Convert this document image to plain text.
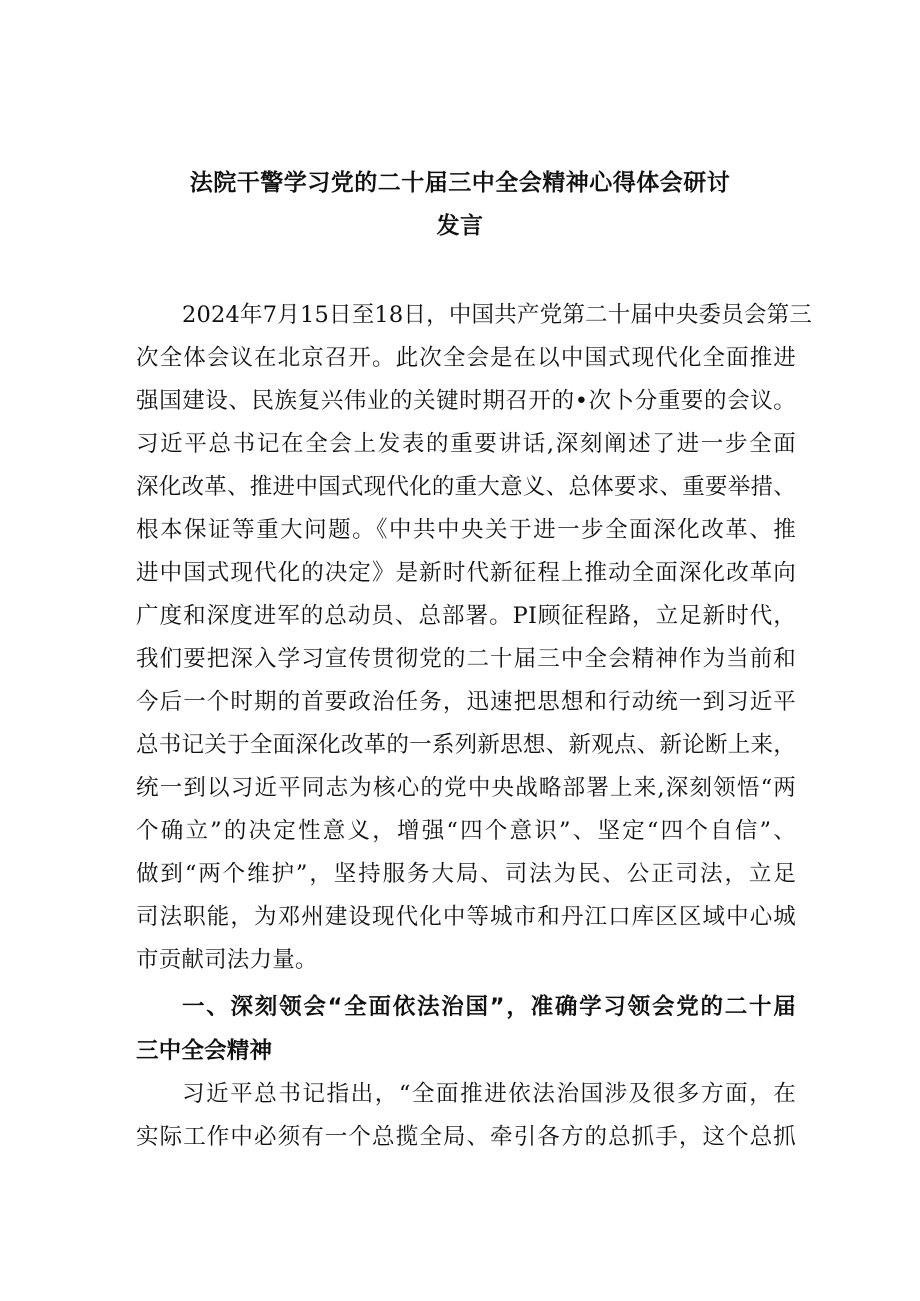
法院干警学习党的二十届三中全会精神心得体会研讨
发言
2024年7月15日至18日，中国共产党第二十届中央委员会第三
次全体会议在北京召开。此次全会是在以中国式现代化全面推进
强国建设、民族复兴伟业的关键时期召开的•次卜分重要的会议。
习近平总书记在全会上发表的重要讲话,深刻阐述了进一步全面
深化改革、推进中国式现代化的重大意义、总体要求、重要举措、
根本保证等重大问题。《中共中央关于进一步全面深化改革、推
进中国式现代化的决定》是新时代新征程上推动全面深化改革向
广度和深度进军的总动员、总部署。PI顾征程路，立足新时代，
我们要把深入学习宣传贯彻党的二十届三中全会精神作为当前和
今后一个时期的首要政治任务，迅速把思想和行动统一到习近平
总书记关于全面深化改革的一系列新思想、新观点、新论断上来，
统一到以习近平同志为核心的党中央战略部署上来,深刻领悟“两
个确立”的决定性意义，增强“四个意识”、坚定“四个自信”、
做到“两个维护”，坚持服务大局、司法为民、公正司法，立足
司法职能，为邓州建设现代化中等城市和丹江口库区区域中心城
市贡献司法力量。
一、深刻领会“全面依法治国”，准确学习领会党的二十届
三中全会精神
习近平总书记指出，“全面推进依法治国涉及很多方面，在
实际工作中必须有一个总揽全局、牵引各方的总抓手，这个总抓
